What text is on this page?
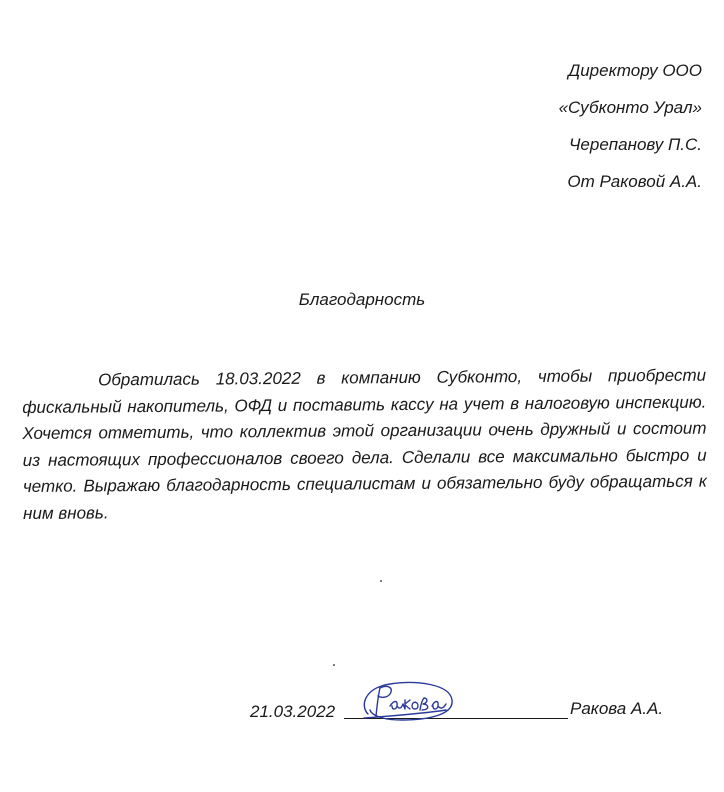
Директору ООО
«Субконто Урал»
Черепанову П.С.
От Раковой А.А.
Благодарность
Обратилась 18.03.2022 в компанию Субконто, чтобы приобрести фискальный накопитель, ОФД и поставить кассу на учет в налоговую инспекцию. Хочется отметить, что коллектив этой организации очень дружный и состоит из настоящих профессионалов своего дела. Сделали все максимально быстро и четко. Выражаю благодарность специалистам и обязательно буду обращаться к ним вновь.
21.03.2022	Ракова А.А.
